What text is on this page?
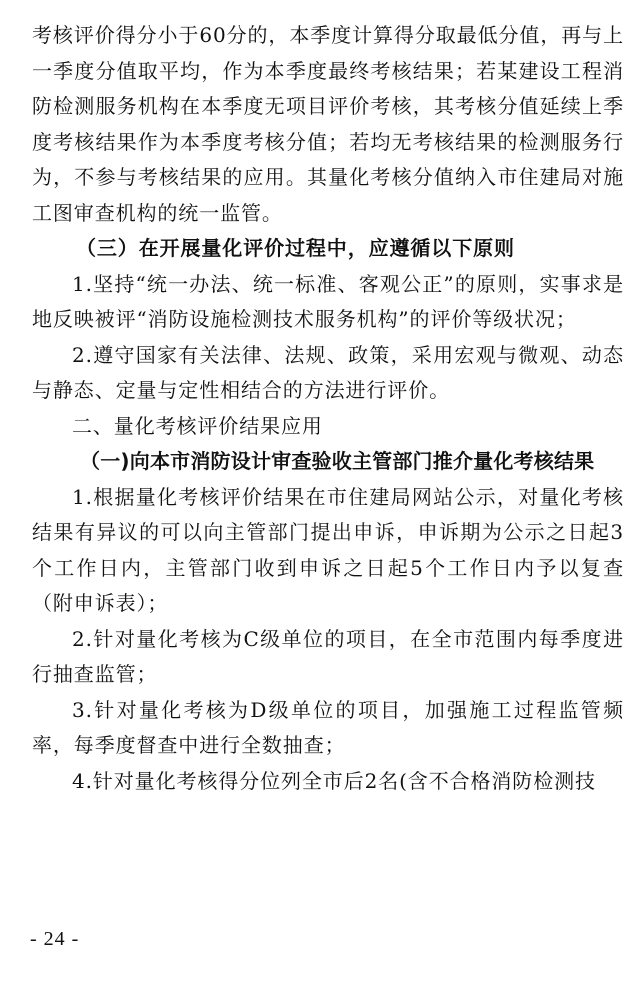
考核评价得分小于60分的，本季度计算得分取最低分值，再与上一季度分值取平均，作为本季度最终考核结果；若某建设工程消防检测服务机构在本季度无项目评价考核，其考核分值延续上季度考核结果作为本季度考核分值；若均无考核结果的检测服务行为，不参与考核结果的应用。其量化考核分值纳入市住建局对施工图审查机构的统一监管。

（三）在开展量化评价过程中，应遵循以下原则

1.坚持“统一办法、统一标准、客观公正”的原则，实事求是地反映被评“消防设施检测技术服务机构”的评价等级状况；

2.遵守国家有关法律、法规、政策，采用宏观与微观、动态与静态、定量与定性相结合的方法进行评价。

二、量化考核评价结果应用

（一)向本市消防设计审查验收主管部门推介量化考核结果

1.根据量化考核评价结果在市住建局网站公示，对量化考核结果有异议的可以向主管部门提出申诉，申诉期为公示之日起3个工作日内，主管部门收到申诉之日起5个工作日内予以复查（附申诉表）；

2.针对量化考核为C级单位的项目，在全市范围内每季度进行抽查监管；

3.针对量化考核为D级单位的项目，加强施工过程监管频率，每季度督查中进行全数抽查；

4.针对量化考核得分位列全市后2名(含不合格消防检测技

- 24 -
